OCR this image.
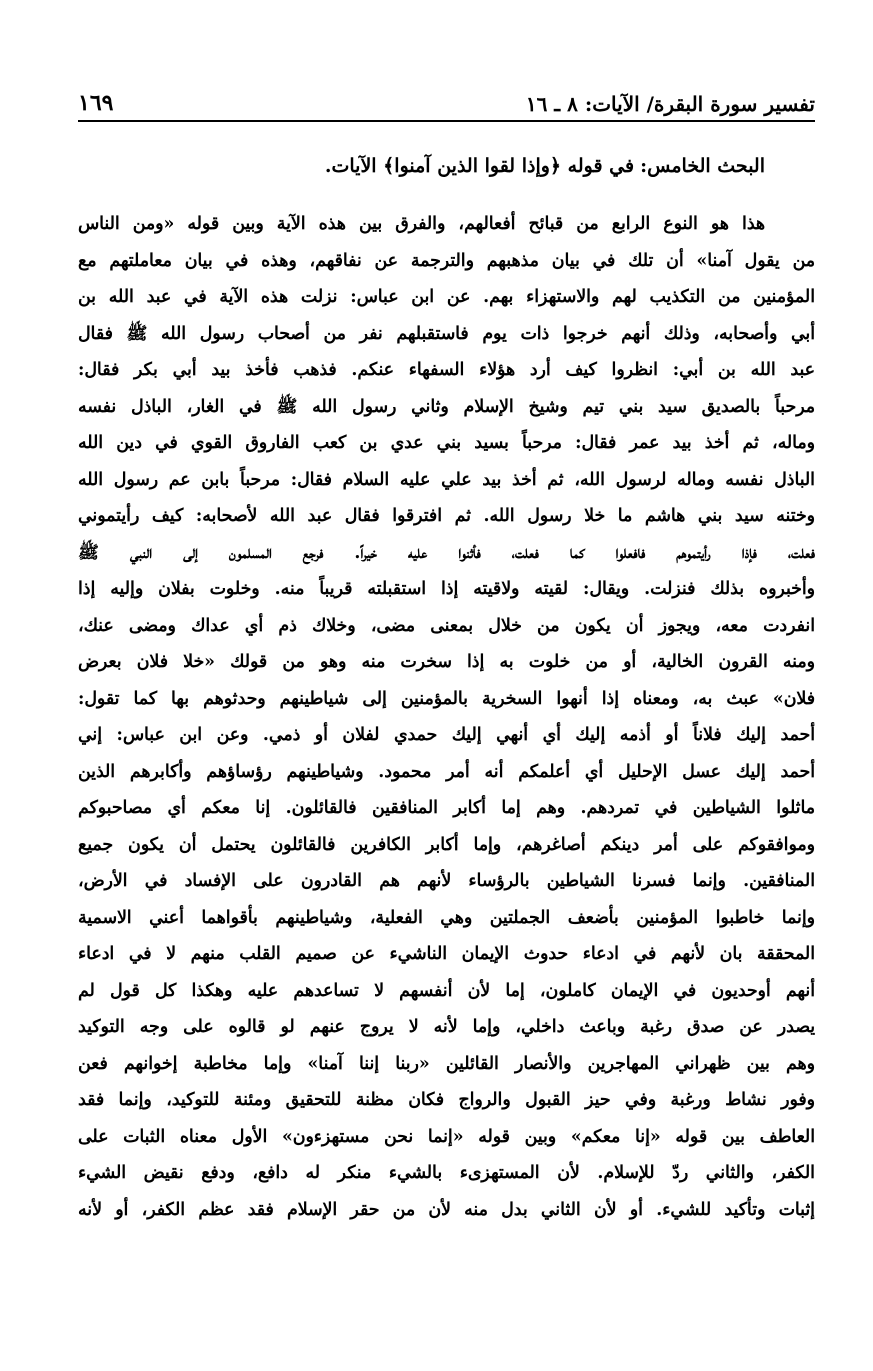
تفسير سورة البقرة/ الآيات: ٨ ـ ١٦
١٦٩
البحث الخامس: في قوله ﴿وإذا لقوا الذين آمنوا﴾ الآيات.
هذا هو النوع الرابع من قبائح أفعالهم، والفرق بين هذه الآية وبين قوله «ومن الناس
من يقول آمنا» أن تلك في بيان مذهبهم والترجمة عن نفاقهم، وهذه في بيان معاملتهم مع
المؤمنين من التكذيب لهم والاستهزاء بهم. عن ابن عباس: نزلت هذه الآية في عبد الله بن
أبي وأصحابه، وذلك أنهم خرجوا ذات يوم فاستقبلهم نفر من أصحاب رسول الله ﷺ فقال
عبد الله بن أبي: انظروا كيف أرد هؤلاء السفهاء عنكم. فذهب فأخذ بيد أبي بكر فقال:
مرحباً بالصديق سيد بني تيم وشيخ الإسلام وثاني رسول الله ﷺ في الغار، الباذل نفسه
وماله، ثم أخذ بيد عمر فقال: مرحباً بسيد بني عدي بن كعب الفاروق القوي في دين الله
الباذل نفسه وماله لرسول الله، ثم أخذ بيد علي عليه السلام فقال: مرحباً بابن عم رسول الله
وختنه سيد بني هاشم ما خلا رسول الله. ثم افترقوا فقال عبد الله لأصحابه: كيف رأيتموني
فعلت، فإذا رأيتموهم فافعلوا كما فعلت، فأثنوا عليه خيراً. فرجع المسلمون إلى النبي ﷺ
وأخبروه بذلك فنزلت. ويقال: لقيته ولاقيته إذا استقبلته قريباً منه. وخلوت بفلان وإليه إذا
انفردت معه، ويجوز أن يكون من خلال بمعنى مضى، وخلاك ذم أي عداك ومضى عنك،
ومنه القرون الخالية، أو من خلوت به إذا سخرت منه وهو من قولك «خلا فلان بعرض
فلان» عبث به، ومعناه إذا أنهوا السخرية بالمؤمنين إلى شياطينهم وحدثوهم بها كما تقول:
أحمد إليك فلاناً أو أذمه إليك أي أنهي إليك حمدي لفلان أو ذمي. وعن ابن عباس: إني
أحمد إليك عسل الإحليل أي أعلمكم أنه أمر محمود. وشياطينهم رؤساؤهم وأكابرهم الذين
ماثلوا الشياطين في تمردهم. وهم إما أكابر المنافقين فالقائلون. إنا معكم أي مصاحبوكم
وموافقوكم على أمر دينكم أصاغرهم، وإما أكابر الكافرين فالقائلون يحتمل أن يكون جميع
المنافقين. وإنما فسرنا الشياطين بالرؤساء لأنهم هم القادرون على الإفساد في الأرض،
وإنما خاطبوا المؤمنين بأضعف الجملتين وهي الفعلية، وشياطينهم بأقواهما أعني الاسمية
المحققة بان لأنهم في ادعاء حدوث الإيمان الناشيء عن صميم القلب منهم لا في ادعاء
أنهم أوحديون في الإيمان كاملون، إما لأن أنفسهم لا تساعدهم عليه وهكذا كل قول لم
يصدر عن صدق رغبة وباعث داخلي، وإما لأنه لا يروج عنهم لو قالوه على وجه التوكيد
وهم بين ظهراني المهاجرين والأنصار القائلين «ربنا إننا آمنا» وإما مخاطبة إخوانهم فعن
وفور نشاط ورغبة وفي حيز القبول والرواج فكان مظنة للتحقيق ومئنة للتوكيد، وإنما فقد
العاطف بين قوله «إنا معكم» وبين قوله «إنما نحن مستهزءون» الأول معناه الثبات على
الكفر، والثاني ردّ للإسلام. لأن المستهزىء بالشيء منكر له دافع، ودفع نقيض الشيء
إثبات وتأكيد للشيء. أو لأن الثاني بدل منه لأن من حقر الإسلام فقد عظم الكفر، أو لأنه
